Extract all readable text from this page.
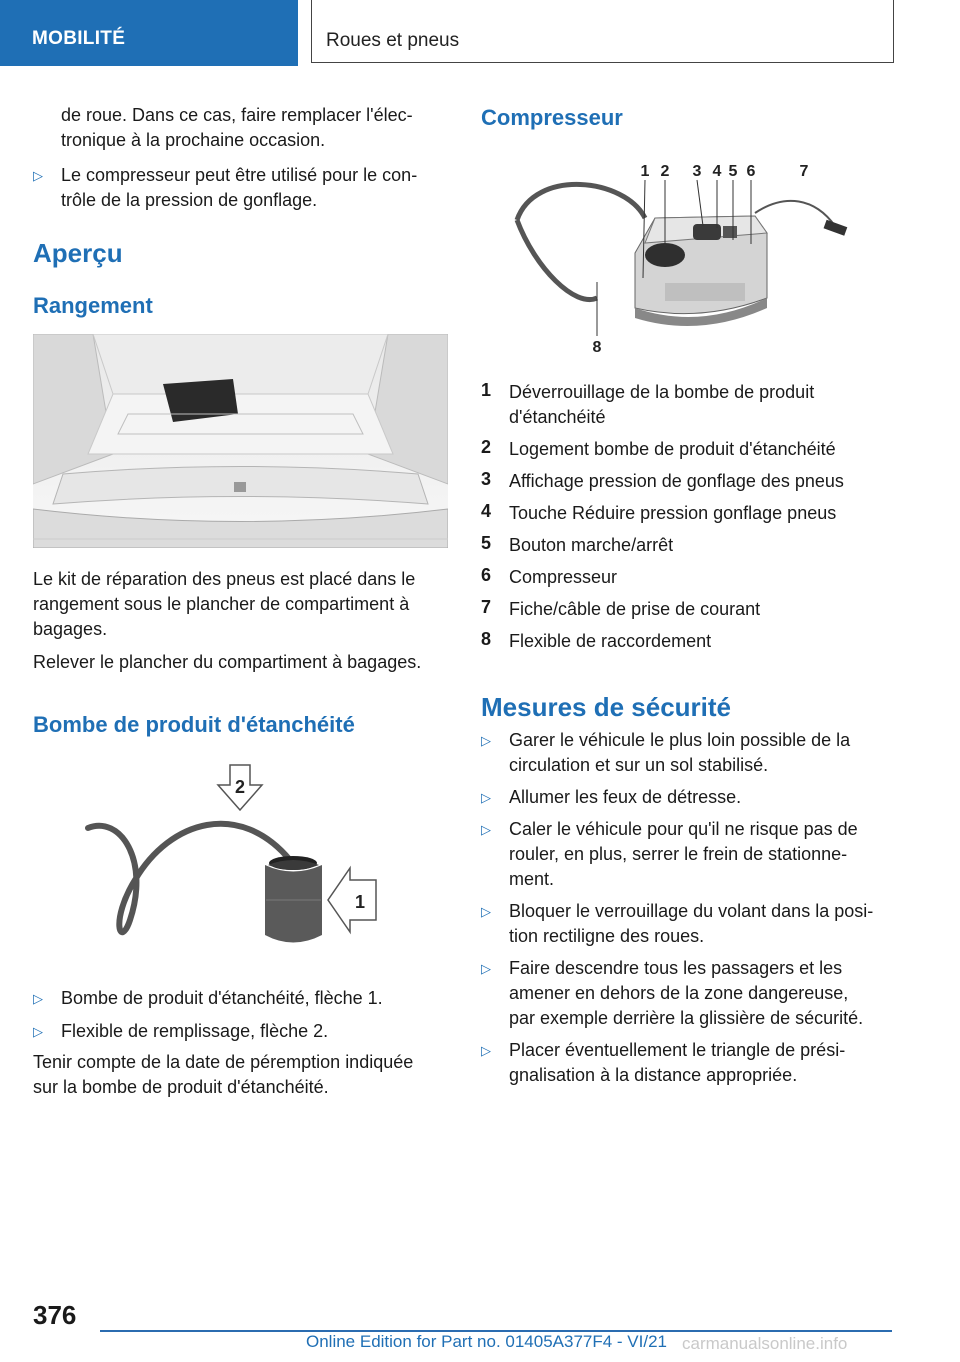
MOBILITÉ	Roues et pneus
de roue. Dans ce cas, faire remplacer l'élec-
tronique à la prochaine occasion.
▷ Le compresseur peut être utilisé pour le con-
trôle de la pression de gonflage.
Aperçu
Rangement
Le kit de réparation des pneus est placé dans le
rangement sous le plancher de compartiment à
bagages.
Relever le plancher du compartiment à bagages.
Bombe de produit d'étanchéité
2
1
▷ Bombe de produit d'étanchéité, flèche 1.
▷ Flexible de remplissage, flèche 2.
Tenir compte de la date de péremption indiquée
sur la bombe de produit d'étanchéité.
Compresseur
1 2 3 4 5 6	7
8
1 Déverrouillage de la bombe de produit
d'étanchéité
2 Logement bombe de produit d'étanchéité
3 Affichage pression de gonflage des pneus
4 Touche Réduire pression gonflage pneus
5 Bouton marche/arrêt
6 Compresseur
7 Fiche/câble de prise de courant
8 Flexible de raccordement
Mesures de sécurité
▷ Garer le véhicule le plus loin possible de la
circulation et sur un sol stabilisé.
▷ Allumer les feux de détresse.
▷ Caler le véhicule pour qu'il ne risque pas de
rouler, en plus, serrer le frein de stationne-
ment.
▷ Bloquer le verrouillage du volant dans la posi-
tion rectiligne des roues.
▷ Faire descendre tous les passagers et les
amener en dehors de la zone dangereuse,
par exemple derrière la glissière de sécurité.
▷ Placer éventuellement le triangle de prési-
gnalisation à la distance appropriée.
376
Online Edition for Part no. 01405A377F4 - VI/21 carmanualsonline.info
